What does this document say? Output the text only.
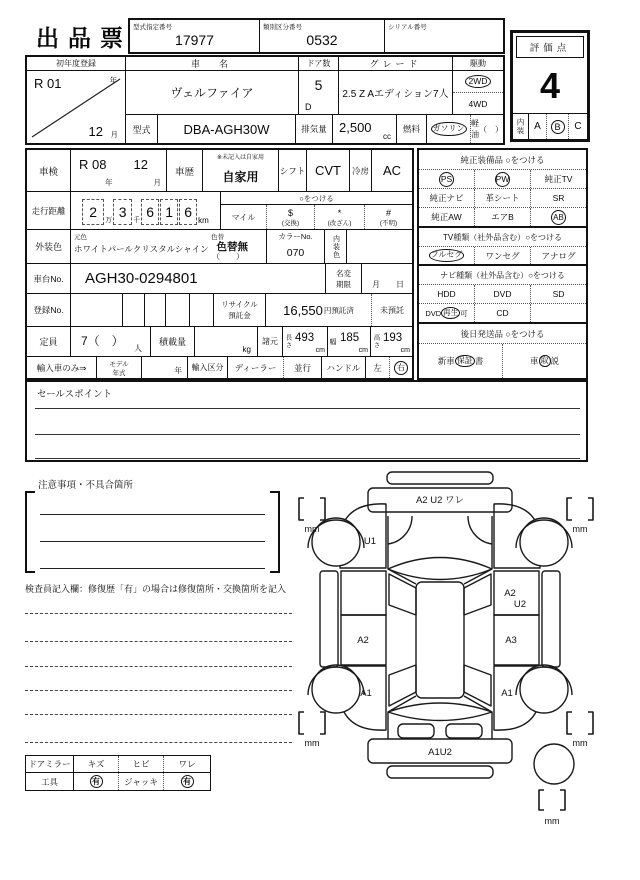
出品票 型式指定番号
17977
類別区分番号
0532
シリアル番号
評価点
4
内装 A	B	C
初年度登録
R 01	年
12 月
車　名	ドア数	グレード	駆動
ヴェルファイア	5
D
2.5 Z Aエディション7人
2WD
4WD
型式	DBA-AGH30W	排気量 2,500
cc
燃料	ガソリン
軽油
（　）
車検	R 08
年
12
月
車歴
※未記入は自家用
自家用	シフト CVT	冷房	AC
走行距離	2
万
3
千
6 1 6
km
○をつける
マイル	$
(交換)
*
(改ざん)
#
(不明)
外装色
元色
ホワイトパールクリスタルシャイン
色替
色替無
（　　）
カラーNo.
070	内装色
車台No.	AGH30-0294801	名変
期限	月 日
登録No.
リサイクル
預託金 16,550 円預託済	未預託
定員	7（　）
人
積載量
kg
諸元	長さ 493
cm
幅 185
cm
高さ 193
cm
輸入車のみ⇒	モデル
年式	年	輸入区分	ディーラー	並行	ハンドル	左	右
純正装備品 ○をつける
PS	PW	純正TV
純正ナビ	革シート	SR
純正AW	エアB	AB
TV種類（社外品含む）○をつける
フルセグ	ワンセグ	アナログ
ナビ種類（社外品含む）○をつける
HDD	DVD	SD
DVD 再生 可	CD
後日発送品 ○をつける
新車 保証 書	車 取 説
セールスポイント
注意事項・不具合箇所
検査員記入欄：修復歴「有」の場合は修復箇所・交換箇所を記入
ドアミラー	キズ	ヒビ	ワレ
工具	有	ジャッキ	有
A2 U2 ワレ
U1
A2
A2
U2
A3
A1	A1
A1U2
mm	mm
mm	mm
mm
